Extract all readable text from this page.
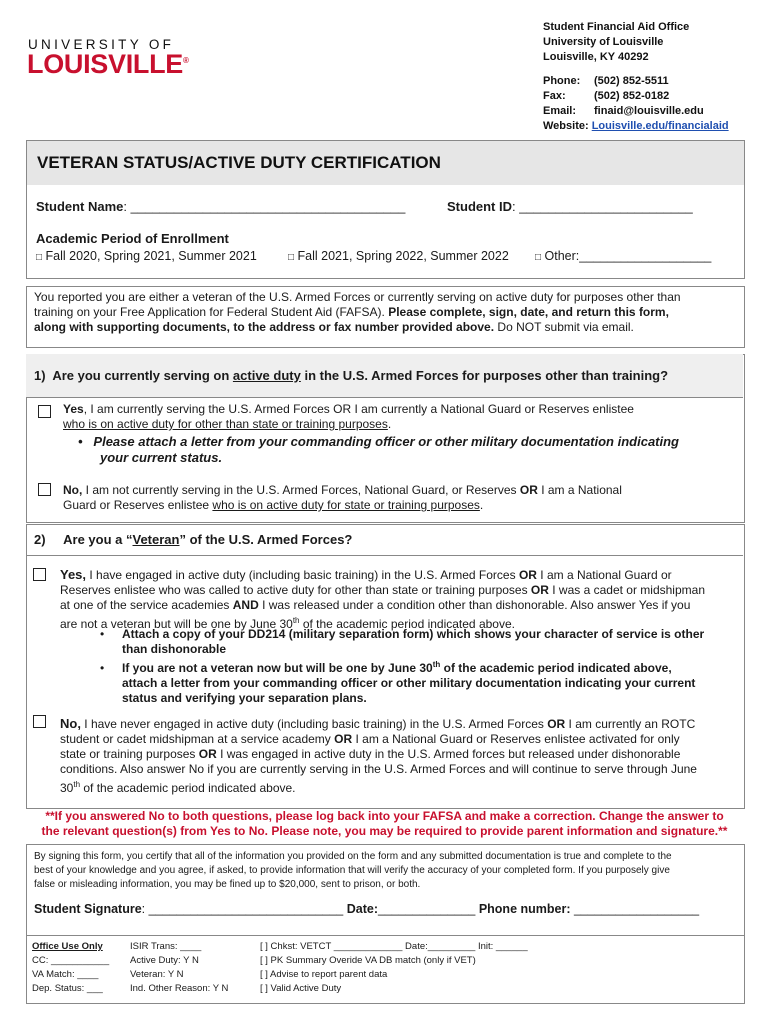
UNIVERSITY OF
LOUISVILLE®
Student Financial Aid Office
University of Louisville
Louisville, KY 40292
Phone: (502) 852-5511
Fax:	(502) 852-0182
Email: finaid@louisville.edu
Website: Louisville.edu/financialaid
VETERAN STATUS/ACTIVE DUTY CERTIFICATION
Student Name: ______________________________________	Student ID: ________________________
Academic Period of Enrollment
□ Fall 2020, Spring 2021, Summer 2021	□ Fall 2021, Spring 2022, Summer 2022	□ Other:___________________
You reported you are either a veteran of the U.S. Armed Forces or currently serving on active duty for purposes other than
training on your Free Application for Federal Student Aid (FAFSA). Please complete, sign, date, and return this form,
along with supporting documents, to the address or fax number provided above. Do NOT submit via email.
1) Are you currently serving on active duty in the U.S. Armed Forces for purposes other than training?
Yes, I am currently serving the U.S. Armed Forces OR I am currently a National Guard or Reserves enlistee
who is on active duty for other than state or training purposes.
• Please attach a letter from your commanding officer or other military documentation indicating
your current status.
No, I am not currently serving in the U.S. Armed Forces, National Guard, or Reserves OR I am a National
Guard or Reserves enlistee who is on active duty for state or training purposes.
2) Are you a “Veteran” of the U.S. Armed Forces?
Yes, I have engaged in active duty (including basic training) in the U.S. Armed Forces OR I am a National Guard or
Reserves enlistee who was called to active duty for other than state or training purposes OR I was a cadet or midshipman
at one of the service academies AND I was released under a condition other than dishonorable. Also answer Yes if you
are not a veteran but will be one by June 30th of the academic period indicated above.
• Attach a copy of your DD214 (military separation form) which shows your character of service is other
than dishonorable
• If you are not a veteran now but will be one by June 30th of the academic period indicated above,
attach a letter from your commanding officer or other military documentation indicating your current
status and verifying your separation plans.
No, I have never engaged in active duty (including basic training) in the U.S. Armed Forces OR I am currently an ROTC
student or cadet midshipman at a service academy OR I am a National Guard or Reserves enlistee activated for only
state or training purposes OR I was engaged in active duty in the U.S. Armed forces but released under dishonorable
conditions. Also answer No if you are currently serving in the U.S. Armed Forces and will continue to serve through June
30th of the academic period indicated above.
**If you answered No to both questions, please log back into your FAFSA and make a correction. Change the answer to
the relevant question(s) from Yes to No. Please note, you may be required to provide parent information and signature.**
By signing this form, you certify that all of the information you provided on the form and any submitted documentation is true and complete to the
best of your knowledge and you agree, if asked, to provide information that will verify the accuracy of your completed form. If you purposely give
false or misleading information, you may be fined up to $20,000, sent to prison, or both.
Student Signature: ____________________________ Date:______________ Phone number: __________________
Office Use Only
CC: ___________
VA Match: ____
Dep. Status: ___
ISIR Trans: ____
Active Duty: Y N
Veteran: Y N
Ind. Other Reason: Y N
[ ] Chkst: VETCT _____________ Date:_________ Init: ______
[ ] PK Summary Overide VA DB match (only if VET)
[ ] Advise to report parent data
[ ] Valid Active Duty
